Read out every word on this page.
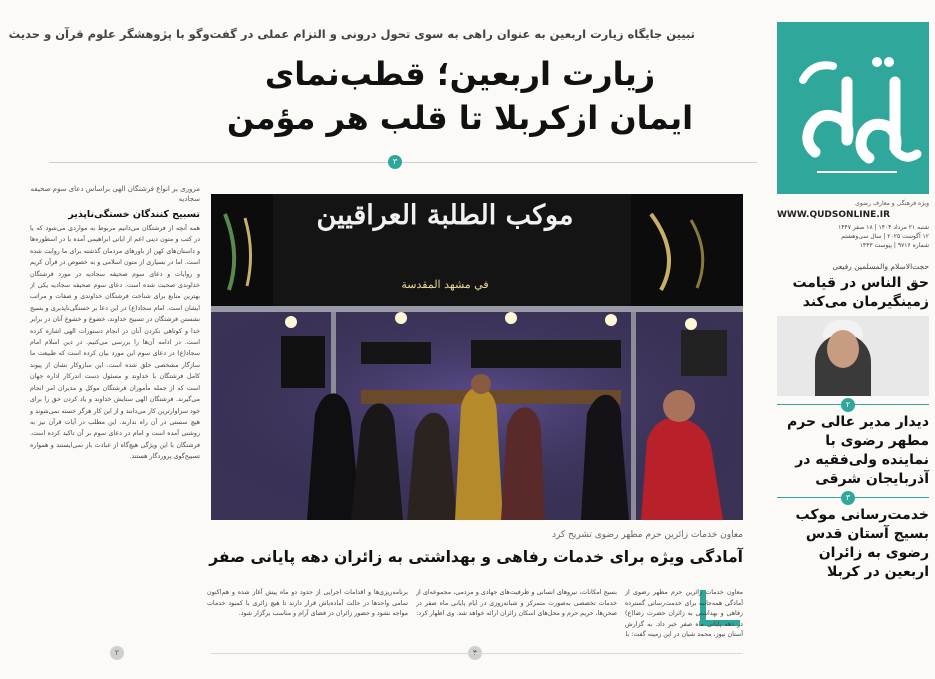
ویژه فرهنگی و معارف رضوی
WWW.QUDSONLINE.IR
شنبه ۲۱ مرداد ۱۴۰۴ | ۱۸ صفر ۱۴۴۷
۱۲ آگوست ۲۰۲۵ | سال سی‌وهشتم
شماره ۹۷۱۶ | پیوست ۱۴۴۳
حجت‌الاسلام والمسلمین رفیعی
حق الناس در قیامت زمینگیرمان می‌کند
۲
دیدار مدیر عالی حرم مطهر رضوی با نماینده ولی‌فقیه در آذربایجان شرقی
۳
خدمت‌رسانی موکب بسیج آستان قدس رضوی به زائران اربعین در کربلا
تبیین جایگاه زیارت اربعین به عنوان راهی به سوی تحول درونی و التزام عملی در گفت‌وگو با پژوهشگر علوم قرآن و حدیث
زیارت اربعین؛ قطب‌نمای ایمان ازکربلا تا قلب هر مؤمن
۳
مروری بر انواع فرشتگان الهی براساس دعای سوم صحیفه سجادیه
تسبیح کنندگان خستگی‌ناپذیر
همه آنچه از فرشتگان می‌دانیم مربوط به مواردی می‌شود که یا در کتب و متون دینی اعم از ایاتی ابراهیمی آمده یا در اسطوره‌ها و داستان‌های کهن از باورهای مردمان گذشته برای ما روایت شده است. اما در بسیاری از متون اسلامی و به خصوص در قرآن کریم و روایات و دعای سوم صحیفه سجادیه در مورد فرشتگان خداوندی صحبت شده است. دعای سوم صحیفه سجادیه یکی از بهترین منابع برای شناخت فرشتگان خداوندی و صفات و مراتب ایشان است. امام سجاد(ع) در این دعا بر خستگی‌ناپذیری و بسیج نشستن فرشتگان در تسبیح خداوند، خضوع و خشوع آنان در برابر خدا و کوتاهی نکردن آنان در انجام دستورات الهی اشاره کرده است. در ادامه آن‌ها را بررسی می‌کنیم. در دین اسلام امام سجاد(ع) در دعای سوم این مورد بیان کرده است که طبیعت ما سازگار مشخصی خلق شده است. این سازوکار نشان از پیوند کامل فرشتگان با خداوند و مسئول دست اندرکار اداره جهان است که از جمله مأموران فرشتگان موکل و مدیران امر انجام می‌گیرند. فرشتگان الهی ستایش خداوند و یاد کردن حق را برای خود سزاوارترین کار می‌دانند و از این کار هرگز خسته نمی‌شوند و هیچ سستی در آن راه ندارند. این مطلب در آیات قرآن نیز به روشنی آمده است و امام در دعای سوم بر آن تاکید کرده است. فرشتگان با این ویژگی هیچ‌گاه از عبادت باز نمی‌ایستند و همواره تسبیح‌گوی پروردگار هستند.
۲
موكب الطلبة العراقيين
في مشهد المقدسة
معاون خدمات زائرین حرم مطهر رضوی تشریح کرد
آمادگی ویژه برای خدمات رفاهی و بهداشتی به زائران دهه پایانی صفر
معاون خدمات زائرین حرم مطهر رضوی از آمادگی همه‌جانبه برای خدمت‌رسانی گسترده رفاهی و بهداشتی به زائران حضرت رضا(ع) در دهه پایانی ماه صفر خبر داد. به گزارش آستان نیوز، محمد شبان در این زمینه گفت: با
بسیج امکانات، نیروهای انسانی و ظرفیت‌های جهادی و مردمی، مجموعه‌ای از خدمات تخصصی به‌صورت متمرکز و شبانه‌روزی در ایام پایانی ماه صفر در صحن‌ها، حریم حرم و محل‌های اسکان زائران ارائه خواهد شد. وی اظهار کرد:
برنامه‌ریزی‌ها و اقدامات اجرایی از حدود دو ماه پیش آغاز شده و هم‌اکنون تمامی واحدها در حالت آماده‌باش قرار دارند تا هیچ زائری با کمبود خدمات مواجه نشود و حضور زائران در فضای آرام و مناسب برگزار شود.
